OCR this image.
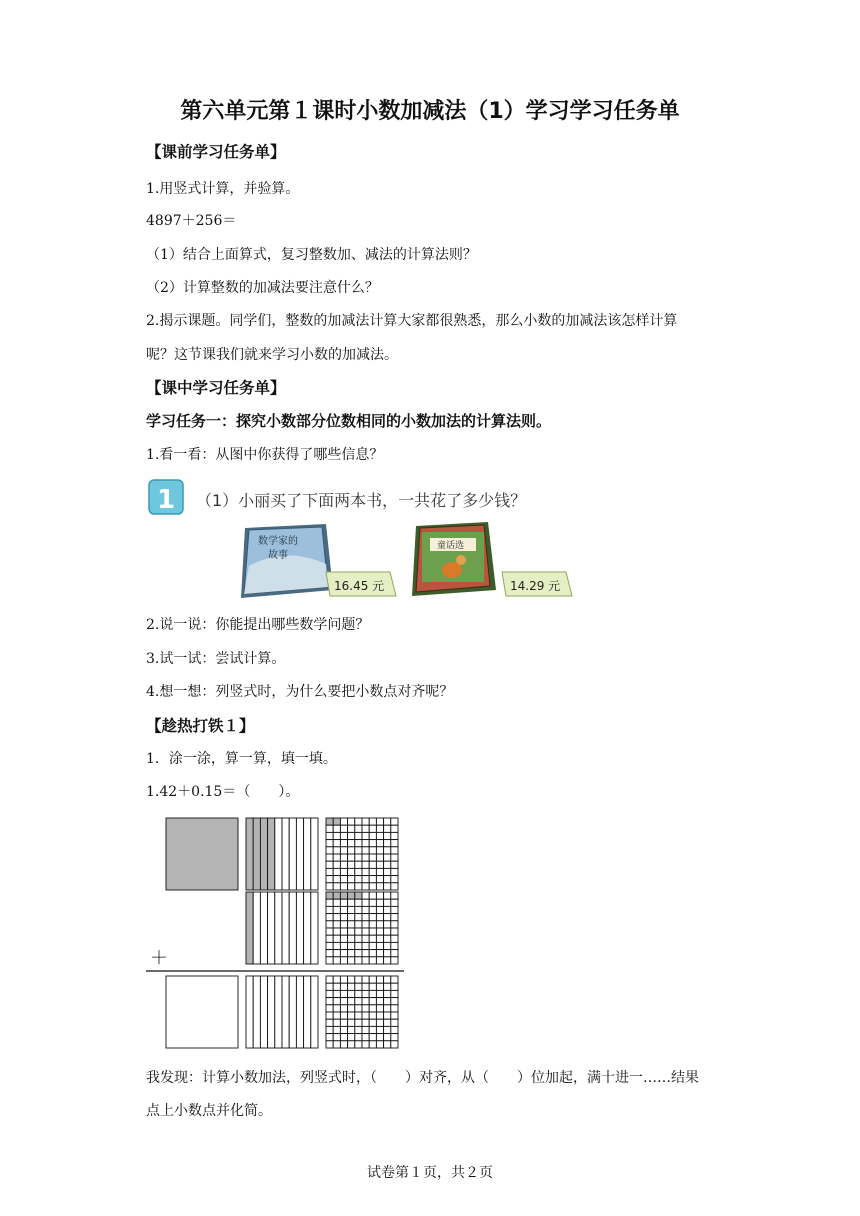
第六单元第１课时小数加减法（1）学习学习任务单
【课前学习任务单】
1.用竖式计算，并验算。
4897＋256＝
（1）结合上面算式，复习整数加、减法的计算法则？
（2）计算整数的加减法要注意什么？
2.揭示课题。同学们，整数的加减法计算大家都很熟悉，那么小数的加减法该怎样计算
呢？这节课我们就来学习小数的加减法。
【课中学习任务单】
学习任务一：探究小数部分位数相同的小数加法的计算法则。
1.看一看：从图中你获得了哪些信息？
1 （1）小丽买了下面两本书，一共花了多少钱？
数学家的
故事
16.45 元
童话选
14.29 元
2.说一说：你能提出哪些数学问题？
3.试一试：尝试计算。
4.想一想：列竖式时，为什么要把小数点对齐呢？
【趁热打铁１】
1．涂一涂，算一算，填一填。
1.42＋0.15＝（　　）。
＋
我发现：计算小数加法，列竖式时，（　　）对齐，从（　　）位加起，满十进一……结果
点上小数点并化简。
试卷第１页，共２页
